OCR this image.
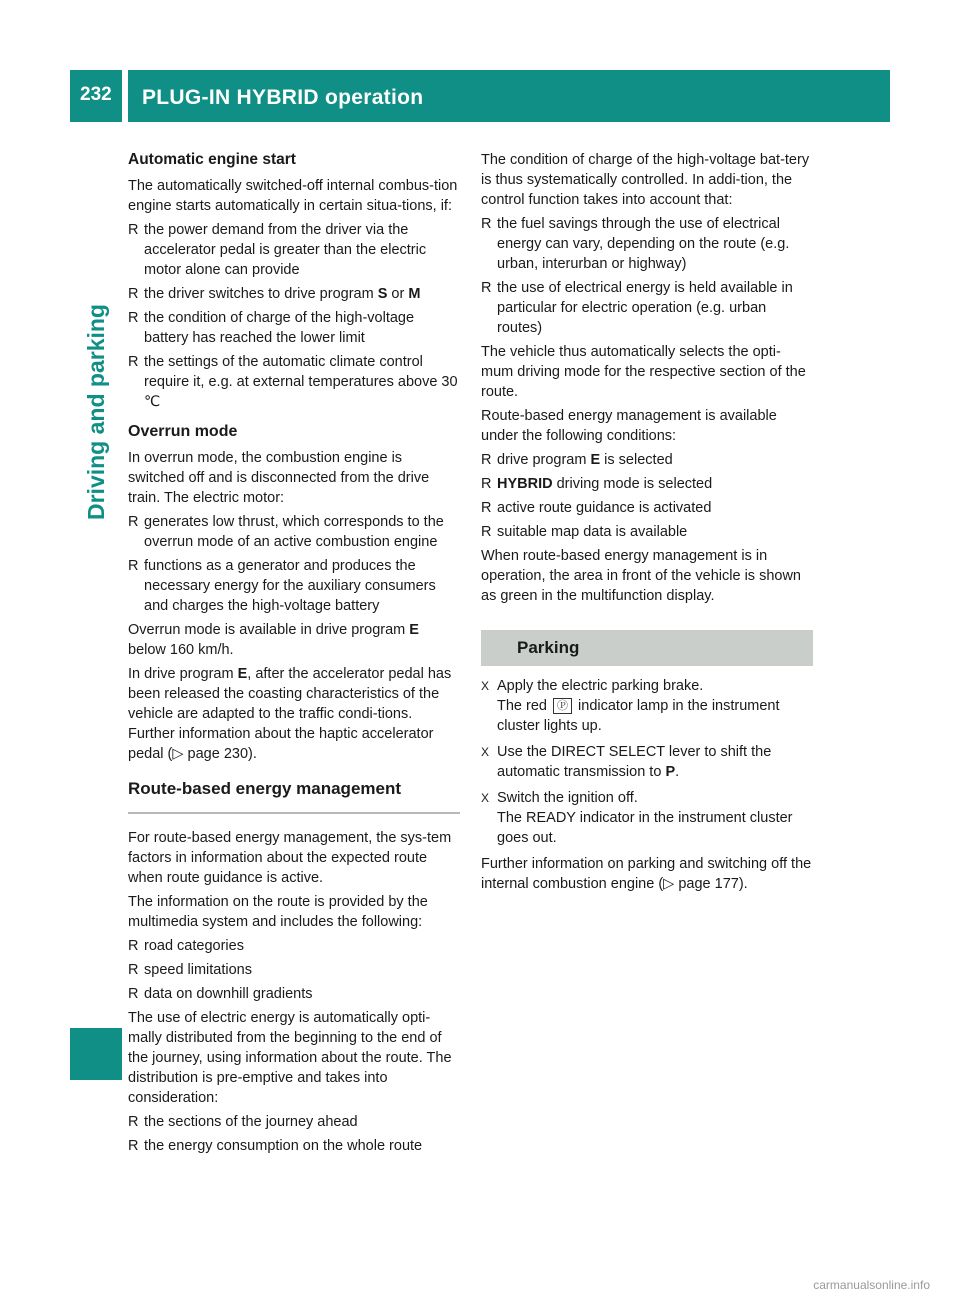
Driving and parking
232 PLUG-IN HYBRID operation
Automatic engine start

The automatically switched-off internal combus-tion engine starts automatically in certain situa-tions, if:

R the power demand from the driver via the accelerator pedal is greater than the electric motor alone can provide
R the driver switches to drive program S or M
R the condition of charge of the high-voltage battery has reached the lower limit
R the settings of the automatic climate control require it, e.g. at external temperatures above 30 ℃
Overrun mode

In overrun mode, the combustion engine is switched off and is disconnected from the drive train. The electric motor:

R generates low thrust, which corresponds to the overrun mode of an active combustion engine
R functions as a generator and produces the necessary energy for the auxiliary consumers and charges the high-voltage battery

Overrun mode is available in drive program E below 160 km/h.

In drive program E, after the accelerator pedal has been released the coasting characteristics of the vehicle are adapted to the traffic condi-tions. Further information about the haptic accelerator pedal (▷ page 230).

Route-based energy management

For route-based energy management, the sys-tem factors in information about the expected route when route guidance is active.

The information on the route is provided by the multimedia system and includes the following:

R road categories
R speed limitations
R data on downhill gradients

The use of electric energy is automatically opti-mally distributed from the beginning to the end of the journey, using information about the route. The distribution is pre-emptive and takes into consideration:

R the sections of the journey ahead
R the energy consumption on the whole route

The condition of charge of the high-voltage bat-tery is thus systematically controlled. In addi-tion, the control function takes into account that:

R the fuel savings through the use of electrical energy can vary, depending on the route (e.g. urban, interurban or highway)
R the use of electrical energy is held available in particular for electric operation (e.g. urban routes)

The vehicle thus automatically selects the opti-mum driving mode for the respective section of the route.

Route-based energy management is available under the following conditions:

R drive program E is selected
R HYBRID driving mode is selected
R active route guidance is activated
R suitable map data is available

When route-based energy management is in operation, the area in front of the vehicle is shown as green in the multifunction display.

Parking
X Apply the electric parking brake.
The red Ⓟ indicator lamp in the instrument cluster lights up.
X Use the DIRECT SELECT lever to shift the automatic transmission to P.
X Switch the ignition off.
The READY indicator in the instrument cluster goes out.

Further information on parking and switching off the internal combustion engine (▷ page 177).

carmanualsonline.info
